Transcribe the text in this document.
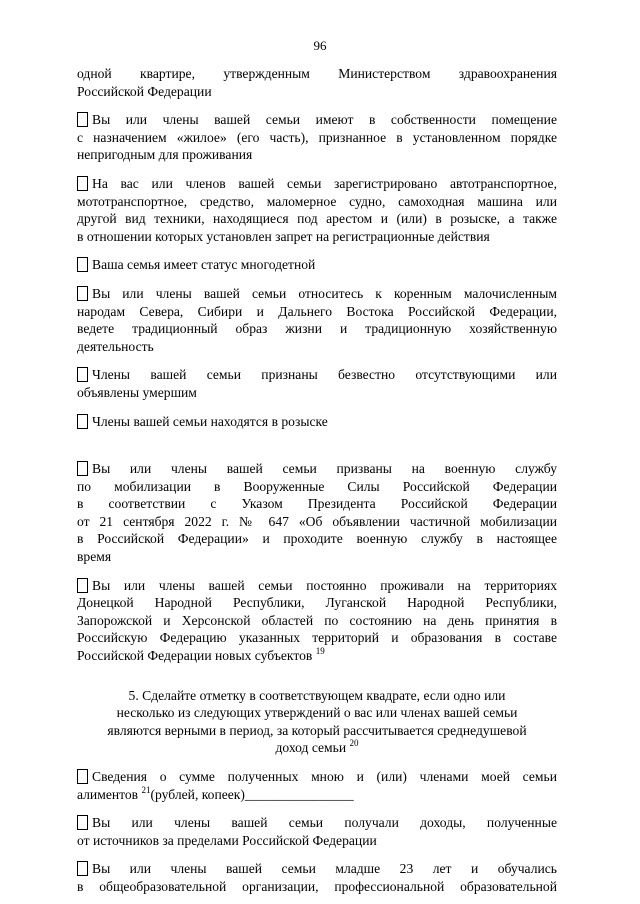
96
одной квартире, утвержденным Министерством здравоохранения
Российской Федерации
Вы или члены вашей семьи имеют в собственности помещение
с назначением «жилое» (его часть), признанное в установленном порядке
непригодным для проживания
На вас или членов вашей семьи зарегистрировано автотранспортное,
мототранспортное, средство, маломерное судно, самоходная машина или
другой вид техники, находящиеся под арестом и (или) в розыске, а также
в отношении которых установлен запрет на регистрационные действия
Ваша семья имеет статус многодетной
Вы или члены вашей семьи относитесь к коренным малочисленным
народам Севера, Сибири и Дальнего Востока Российской Федерации,
ведете традиционный образ жизни и традиционную хозяйственную
деятельность
Члены вашей семьи признаны безвестно отсутствующими или
объявлены умершим
Члены вашей семьи находятся в розыске
Вы или члены вашей семьи призваны на военную службу
по мобилизации в Вооруженные Силы Российской Федерации
в соответствии с Указом Президента Российской Федерации
от 21 сентября 2022 г. № 647 «Об объявлении частичной мобилизации
в Российской Федерации» и проходите военную службу в настоящее
время
Вы или члены вашей семьи постоянно проживали на территориях
Донецкой Народной Республики, Луганской Народной Республики,
Запорожской и Херсонской областей по состоянию на день принятия в
Российскую Федерацию указанных территорий и образования в составе
Российской Федерации новых субъектов $^{19}$
5. Сделайте отметку в соответствующем квадрате, если одно или
несколько из следующих утверждений о вас или членах вашей семьи
являются верными в период, за который рассчитывается среднедушевой
доход семьи $^{20}$
Сведения о сумме полученных мною и (или) членами моей семьи
алиментов $^{21}$(рублей, копеек)________________
Вы или члены вашей семьи получали доходы, полученные
от источников за пределами Российской Федерации
Вы или члены вашей семьи младше 23 лет и обучались
в общеобразовательной организации, профессиональной образовательной
